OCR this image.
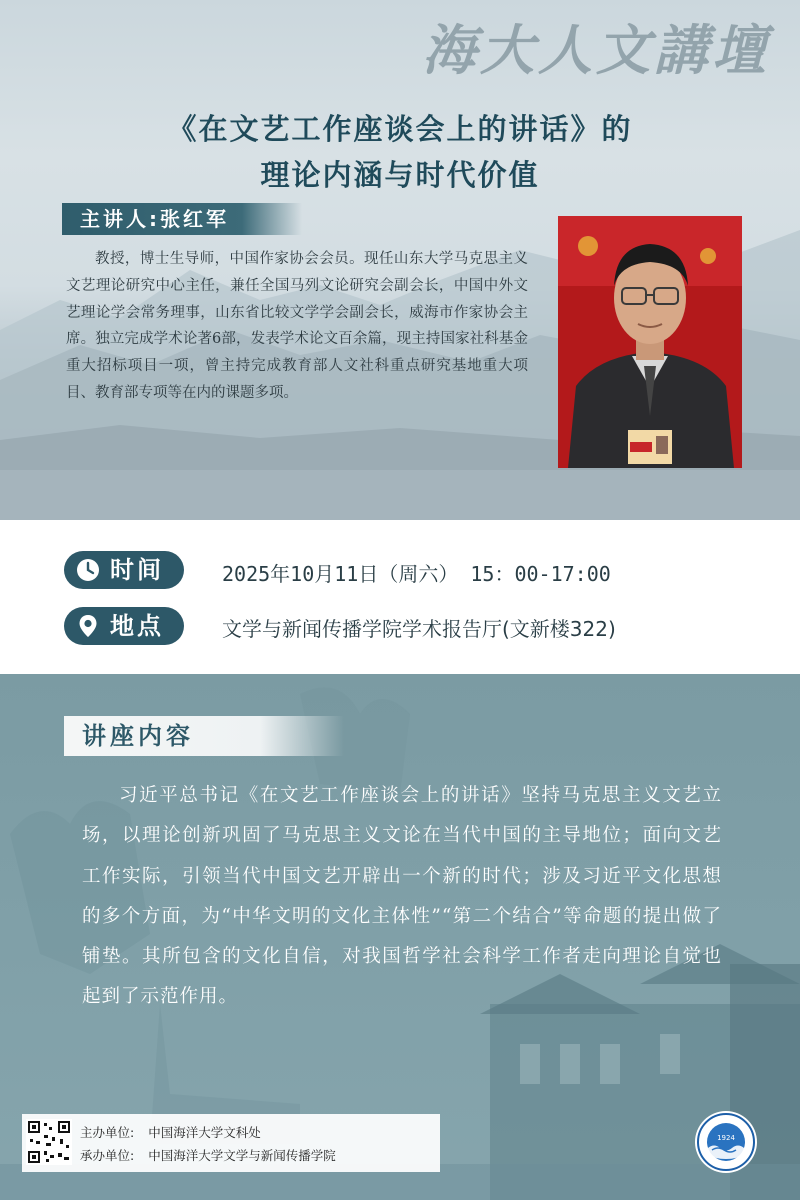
海大人文講壇
《在文艺工作座谈会上的讲话》的
理论内涵与时代价值
主讲人:张红军
教授，博士生导师，中国作家协会会员。现任山东大学马克思主义文艺理论研究中心主任，兼任全国马列文论研究会副会长，中国中外文艺理论学会常务理事，山东省比较文学学会副会长，威海市作家协会主席。独立完成学术论著6部，发表学术论文百余篇，现主持国家社科基金重大招标项目一项，曾主持完成教育部人文社科重点研究基地重大项目、教育部专项等在内的课题多项。
时间	2025年10月11日（周六） 15：00-17:00
地点	文学与新闻传播学院学术报告厅(文新楼322)
讲座内容
习近平总书记《在文艺工作座谈会上的讲话》坚持马克思主义文艺立场，以理论创新巩固了马克思主义文论在当代中国的主导地位；面向文艺工作实际，引领当代中国文艺开辟出一个新的时代；涉及习近平文化思想的多个方面，为“中华文明的文化主体性”“第二个结合”等命题的提出做了铺垫。其所包含的文化自信，对我国哲学社会科学工作者走向理论自觉也起到了示范作用。
主办单位: 中国海洋大学文科处
承办单位: 中国海洋大学文学与新闻传播学院
1924
